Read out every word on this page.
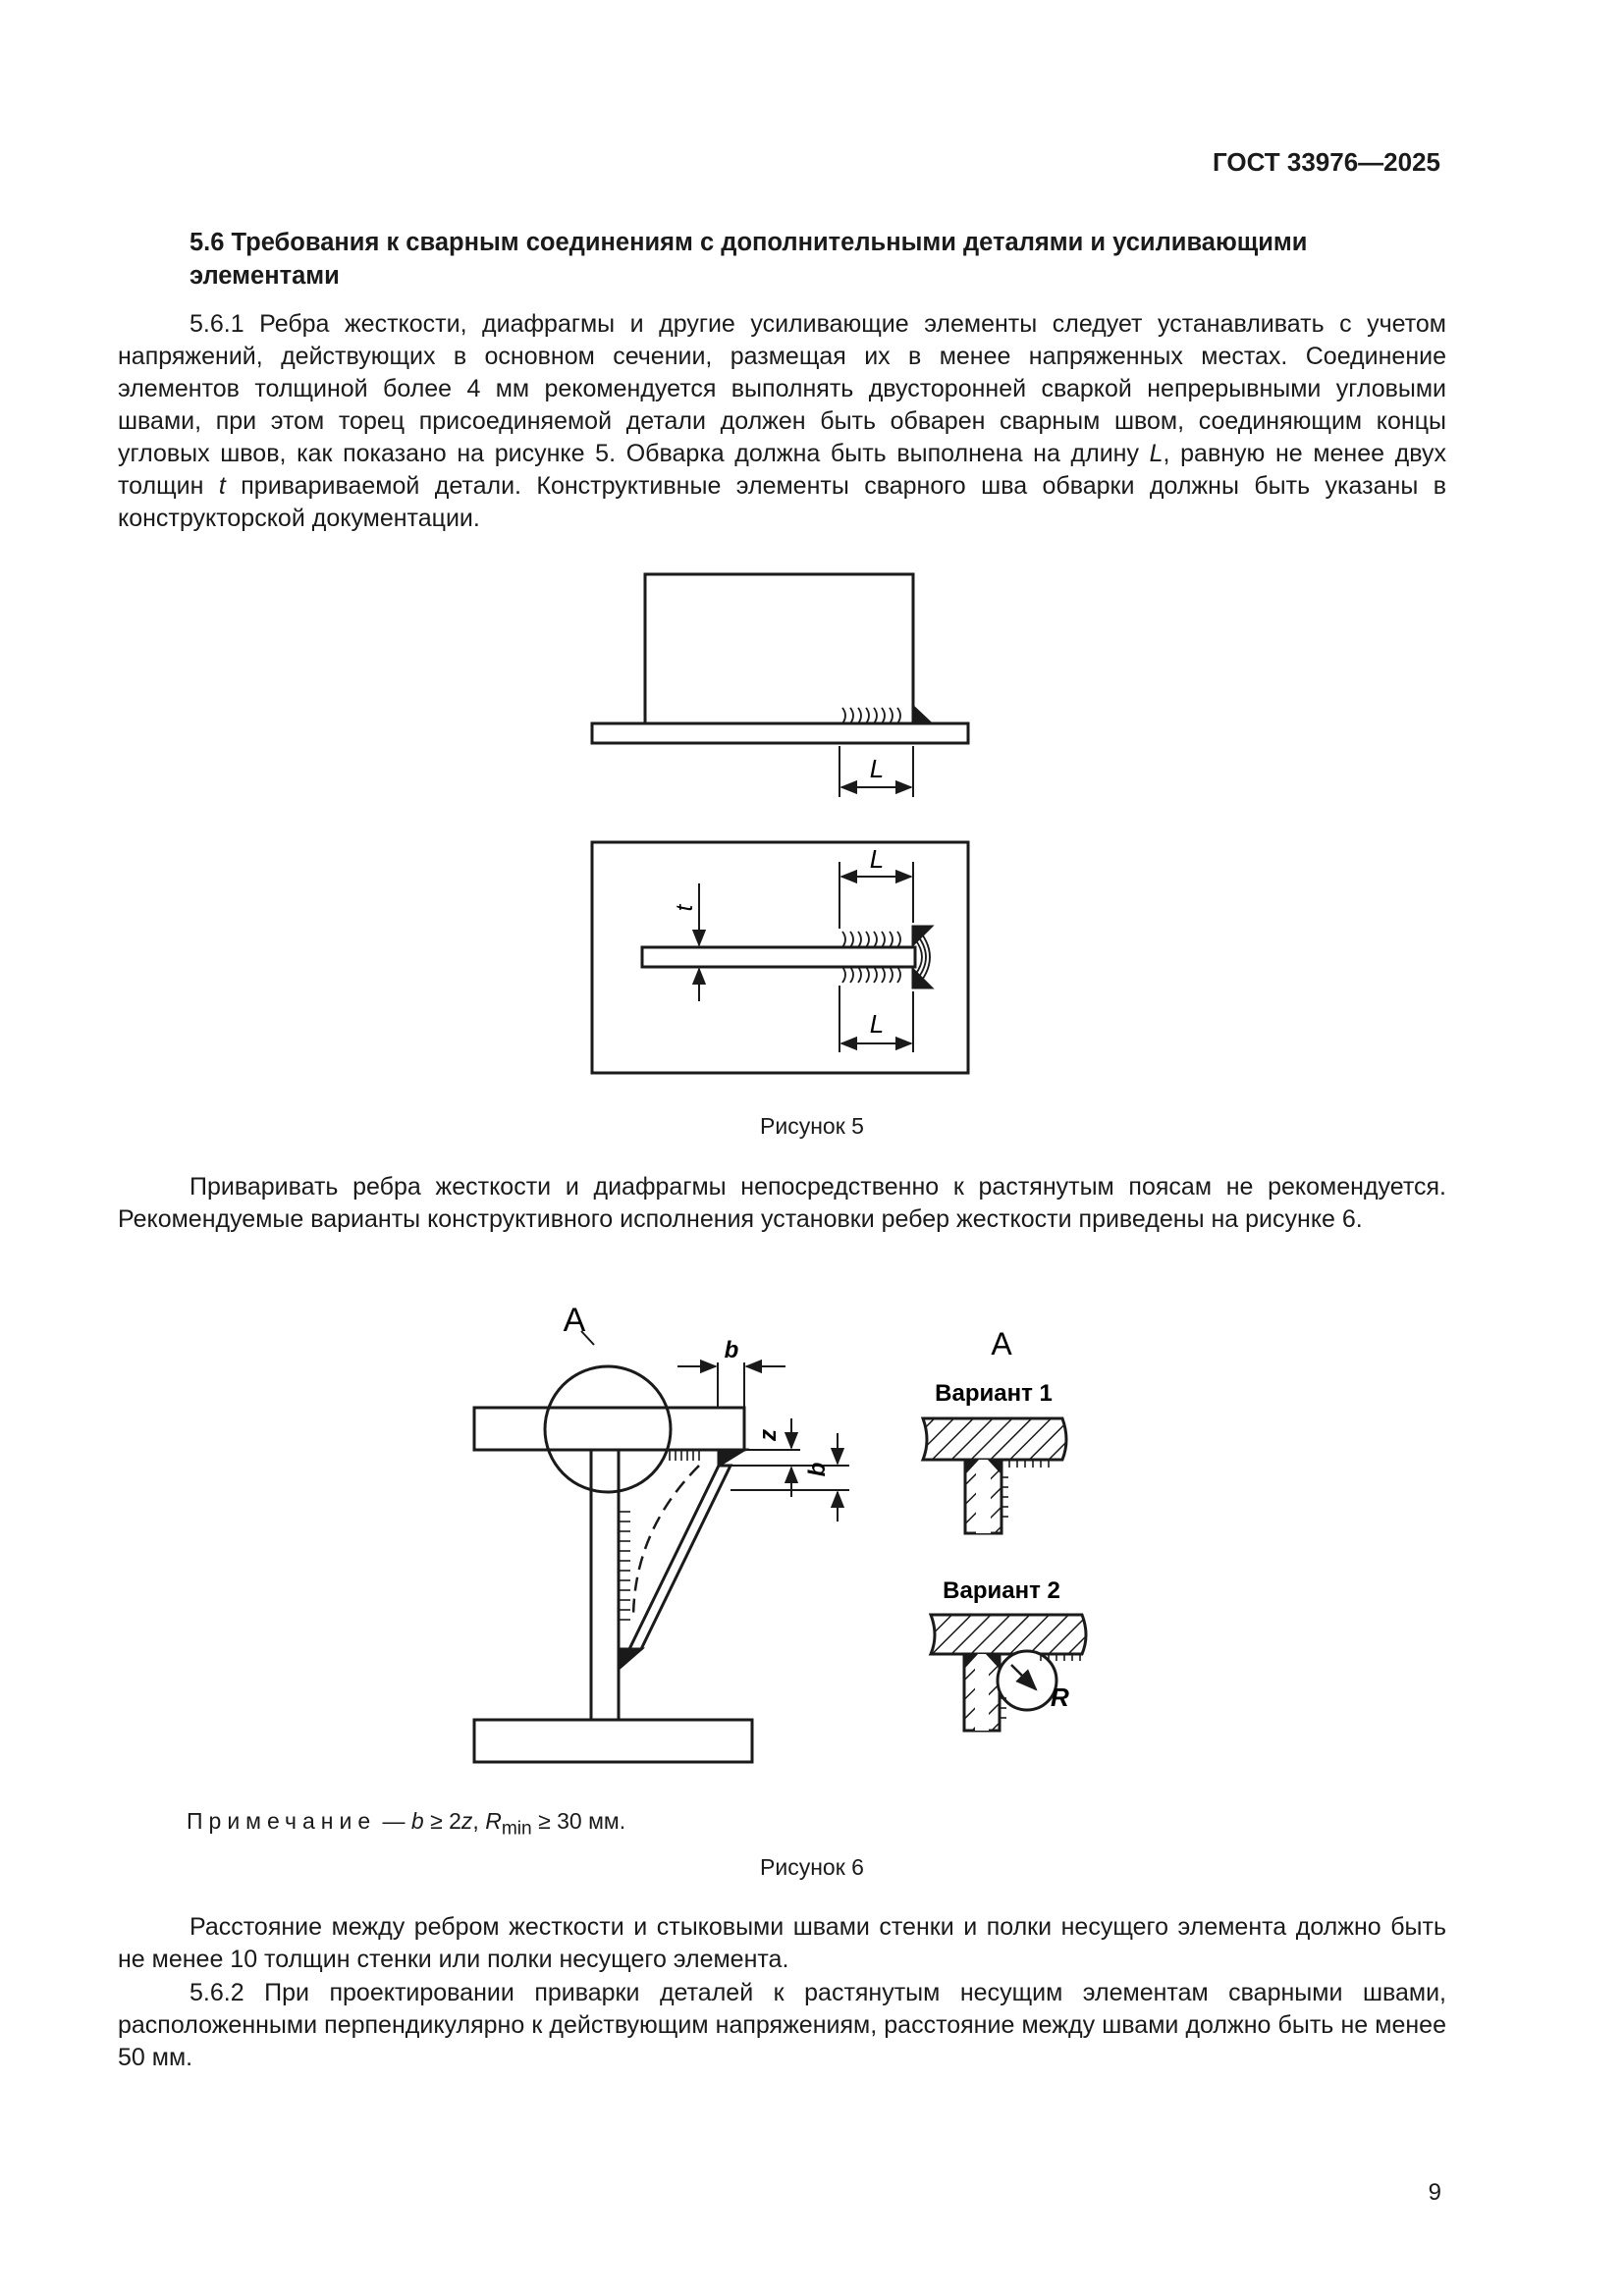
ГОСТ 33976—2025
5.6 Требования к сварным соединениям с дополнительными деталями и усиливающими элементами

5.6.1 Ребра жесткости, диафрагмы и другие усиливающие элементы следует устанавливать с учетом напряжений, действующих в основном сечении, размещая их в менее напряженных местах. Соединение элементов толщиной более 4 мм рекомендуется выполнять двусторонней сваркой непрерывными угловыми швами, при этом торец присоединяемой детали должен быть обварен сварным швом, соединяющим концы угловых швов, как показано на рисунке 5. Обварка должна быть выполнена на длину L, равную не менее двух толщин t привариваемой детали. Конструктивные элементы сварного шва обварки должны быть указаны в конструкторской документации.

L
L
L
t
Рисунок 5

Приваривать ребра жесткости и диафрагмы непосредственно к растянутым поясам не рекомендуется. Рекомендуемые варианты конструктивного исполнения установки ребер жесткости приведены на рисунке 6.

A
b
z
b
A
Вариант 1
Вариант 2
R
Примечание — b ≥ 2z, $R_{min} \ge 30$ мм.
Рисунок 6

Расстояние между ребром жесткости и стыковыми швами стенки и полки несущего элемента должно быть не менее 10 толщин стенки или полки несущего элемента.

5.6.2 При проектировании приварки деталей к растянутым несущим элементам сварными швами, расположенными перпендикулярно к действующим напряжениям, расстояние между швами должно быть не менее 50 мм.

9
